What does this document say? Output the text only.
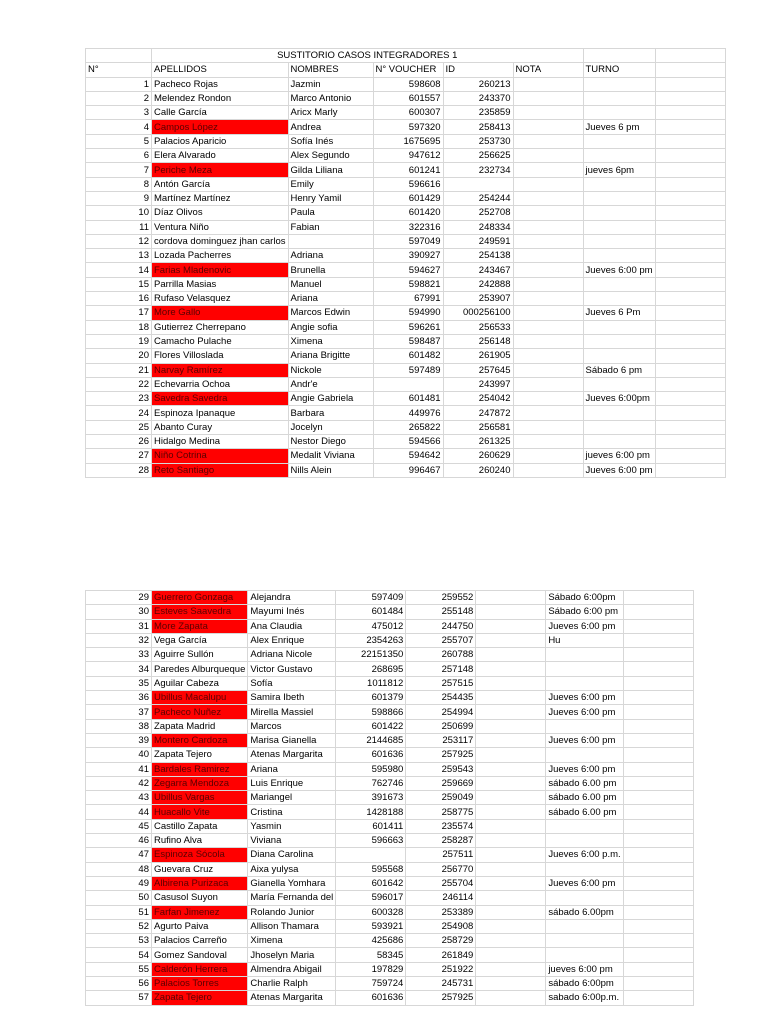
	SUSTITORIO CASOS INTEGRADORES 1						
N°	APELLIDOS	NOMBRES	N° VOUCHER	ID	NOTA	TURNO	
1	Pacheco Rojas	Jazmin	598608	260213			
2	Melendez Rondon	Marco Antonio	601557	243370			
3	Calle García	Aricx Marly	600307	235859			
4	Campos López	Andrea	597320	258413		Jueves 6 pm	
5	Palacios Aparicio	Sofía Inés	1675695	253730			
6	Elera Alvarado	Alex Segundo	947612	256625			
7	Periche Meza	Gilda Liliana	601241	232734		jueves 6pm	
8	Antón García	Emily	596616				
9	Martínez Martínez	Henry Yamil	601429	254244			
10	Díaz Olivos	Paula	601420	252708			
11	Ventura Niño	Fabian	322316	248334			
12	cordova dominguez jhan carlos		597049	249591			
13	Lozada Pacherres	Adriana	390927	254138			
14	Farias Mladenovic	Brunella	594627	243467		Jueves 6:00 pm	
15	Parrilla Masias	Manuel	598821	242888			
16	Rufaso Velasquez	Ariana	67991	253907			
17	More Gallo	Marcos Edwin	594990	000256100		Jueves 6 Pm	
18	Gutierrez Cherrepano	Angie sofia	596261	256533			
19	Camacho Pulache	Ximena	598487	256148			
20	Flores Villoslada	Ariana Brigitte	601482	261905			
21	Narvay Ramírez	Nickole	597489	257645		Sábado 6 pm	
22	Echevarria Ochoa	Andr'e		243997			
23	Savedra Savedra	Angie Gabriela	601481	254042		Jueves 6:00pm	
24	Espinoza Ipanaque	Barbara	449976	247872			
25	Abanto Curay	Jocelyn	265822	256581			
26	Hidalgo Medina	Nestor Diego	594566	261325			
27	Niño Cotrina	Medalit Viviana	594642	260629		jueves 6:00 pm	
28	Reto Santiago	Nills Alein	996467	260240		Jueves 6:00 pm	
29	Guerrero Gonzaga	Alejandra	597409	259552		Sábado 6:00pm	
30	Esteves Saavedra	Mayumi Inés	601484	255148		Sábado 6:00 pm	
31	More Zapata	Ana Claudia	475012	244750		Jueves 6:00 pm	
32	Vega García	Alex Enrique	2354263	255707		Hu	
33	Aguirre Sullón	Adriana Nicole	22151350	260788			
34	Paredes Alburqueque	Victor Gustavo	268695	257148			
35	Aguilar Cabeza	Sofía	1011812	257515			
36	Ubillus Macalupu	Samira Ibeth	601379	254435		Jueves 6:00 pm	
37	Pacheco Nuñez	Mirella Massiel	598866	254994		Jueves 6:00 pm	
38	Zapata Madrid	Marcos	601422	250699			
39	Montero Cardoza	Marisa Gianella	2144685	253117		Jueves 6:00 pm	
40	Zapata Tejero	Atenas Margarita	601636	257925			
41	Bardales Ramirez	Ariana	595980	259543		Jueves 6:00 pm	
42	Zegarra Mendoza	Luis Enrique	762746	259669		sábado 6.00 pm	
43	Ubillus Vargas	Mariangel	391673	259049		sábado 6.00 pm	
44	Huacallo Vite	Cristina	1428188	258775		sábado 6.00 pm	
45	Castillo Zapata	Yasmin	601411	235574			
46	Rufino Alva	Viviana	596663	258287			
47	Espinoza Sócola	Diana Carolina		257511		Jueves 6:00 p.m.	
48	Guevara Cruz	Aixa yulysa	595568	256770			
49	Albirena Purizaca	Gianella Yomhara	601642	255704		Jueves 6:00 pm	
50	Casusol Suyon	María Fernanda del	596017	246114			
51	Farfan Jimenez	Rolando Junior	600328	253389		sábado 6.00pm	
52	Agurto Paiva	Allison Thamara	593921	254908			
53	Palacios Carreño	Ximena	425686	258729			
54	Gomez Sandoval	Jhoselyn Maria	58345	261849			
55	Calderón Herrera	Almendra Abigail	197829	251922		jueves 6:00 pm	
56	Palacios Torres	Charlie Ralph	759724	245731		sábado 6:00pm	
57	Zapata Tejero	Atenas Margarita	601636	257925		sabado 6:00p.m.	
